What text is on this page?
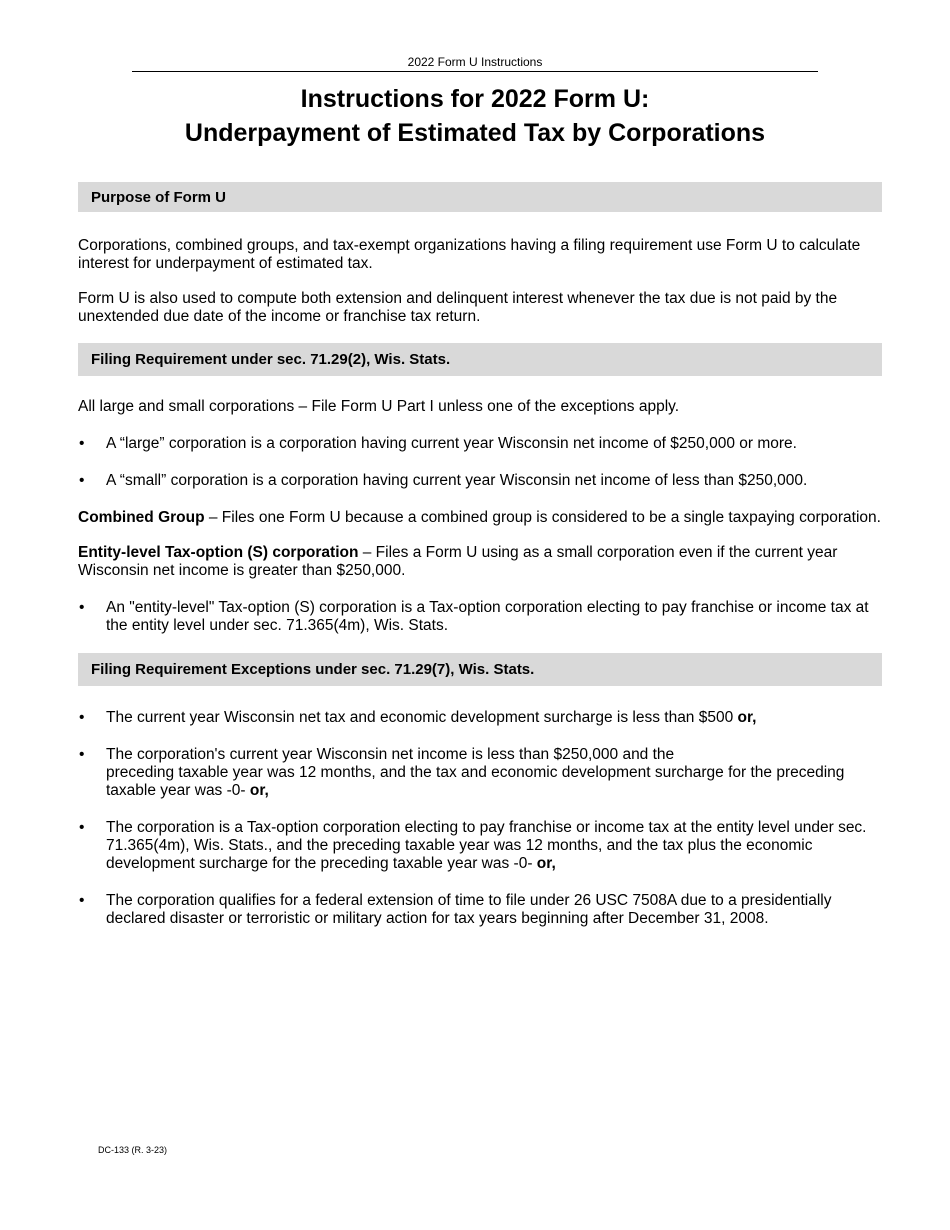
2022 Form U Instructions
Instructions for 2022 Form U:
Underpayment of Estimated Tax by Corporations
Purpose of Form U

Corporations, combined groups, and tax-exempt organizations having a filing requirement use Form U to calculate interest for underpayment of estimated tax.

Form U is also used to compute both extension and delinquent interest whenever the tax due is not paid by the unextended due date of the income or franchise tax return.

Filing Requirement under sec. 71.29(2), Wis. Stats.

All large and small corporations – File Form U Part I unless one of the exceptions apply.

• A “large” corporation is a corporation having current year Wisconsin net income of $250,000 or more.
• A “small” corporation is a corporation having current year Wisconsin net income of less than $250,000.

Combined Group – Files one Form U because a combined group is considered to be a single taxpaying corporation.

Entity-level Tax-option (S) corporation – Files a Form U using as a small corporation even if the current year Wisconsin net income is greater than $250,000.

• An "entity-level" Tax-option (S) corporation is a Tax-option corporation electing to pay franchise or income tax at the entity level under sec. 71.365(4m), Wis. Stats.
Filing Requirement Exceptions under sec. 71.29(7), Wis. Stats.
• The current year Wisconsin net tax and economic development surcharge is less than $500 or,
• The corporation's current year Wisconsin net income is less than $250,000 and the
preceding taxable year was 12 months, and the tax and economic development surcharge for the preceding taxable year was -0- or,
• The corporation is a Tax-option corporation electing to pay franchise or income tax at the entity level under sec. 71.365(4m), Wis. Stats., and the preceding taxable year was 12 months, and the tax plus the economic development surcharge for the preceding taxable year was -0- or,
• The corporation qualifies for a federal extension of time to file under 26 USC 7508A due to a presidentially declared disaster or terroristic or military action for tax years beginning after December 31, 2008.
DC-133 (R. 3-23)
